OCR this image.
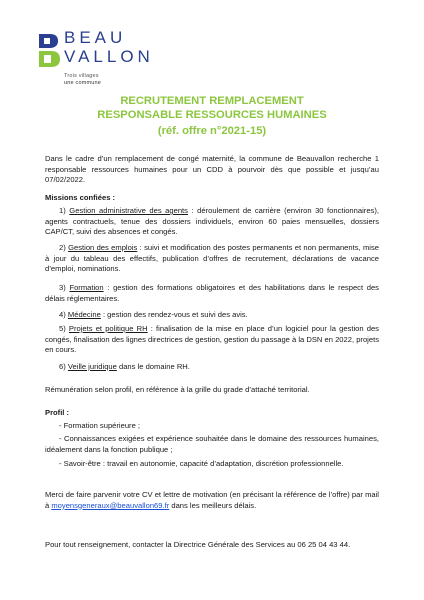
BEAU
VALLON
Trois villages
une commune
RECRUTEMENT REMPLACEMENT
RESPONSABLE RESSOURCES HUMAINES
(réf. offre n°2021-15)
Dans le cadre d’un remplacement de congé maternité, la commune de Beauvallon recherche 1 responsable ressources humaines pour un CDD à pourvoir dès que possible et jusqu’au 07/02/2022.
Missions confiées :
1) Gestion administrative des agents : déroulement de carrière (environ 30 fonctionnaires), agents contractuels, tenue des dossiers individuels, environ 60 paies mensuelles, dossiers CAP/CT, suivi des absences et congés.
2) Gestion des emplois : suivi et modification des postes permanents et non permanents, mise à jour du tableau des effectifs, publication d’offres de recrutement, déclarations de vacance d’emploi, nominations.
3) Formation : gestion des formations obligatoires et des habilitations dans le respect des délais réglementaires.
4) Médecine : gestion des rendez-vous et suivi des avis.
5) Projets et politique RH : finalisation de la mise en place d’un logiciel pour la gestion des congés, finalisation des lignes directrices de gestion, gestion du passage à la DSN en 2022, projets en cours.
6) Veille juridique dans le domaine RH.
Rémunération selon profil, en référence à la grille du grade d’attaché territorial.
Profil :
- Formation supérieure ;
- Connaissances exigées et expérience souhaitée dans le domaine des ressources humaines, idéalement dans la fonction publique ;
- Savoir-être : travail en autonomie, capacité d’adaptation, discrétion professionnelle.
Merci de faire parvenir votre CV et lettre de motivation (en précisant la référence de l’offre) par mail à moyensgeneraux@beauvallon69.fr dans les meilleurs délais.
Pour tout renseignement, contacter la Directrice Générale des Services au 06 25 04 43 44.
